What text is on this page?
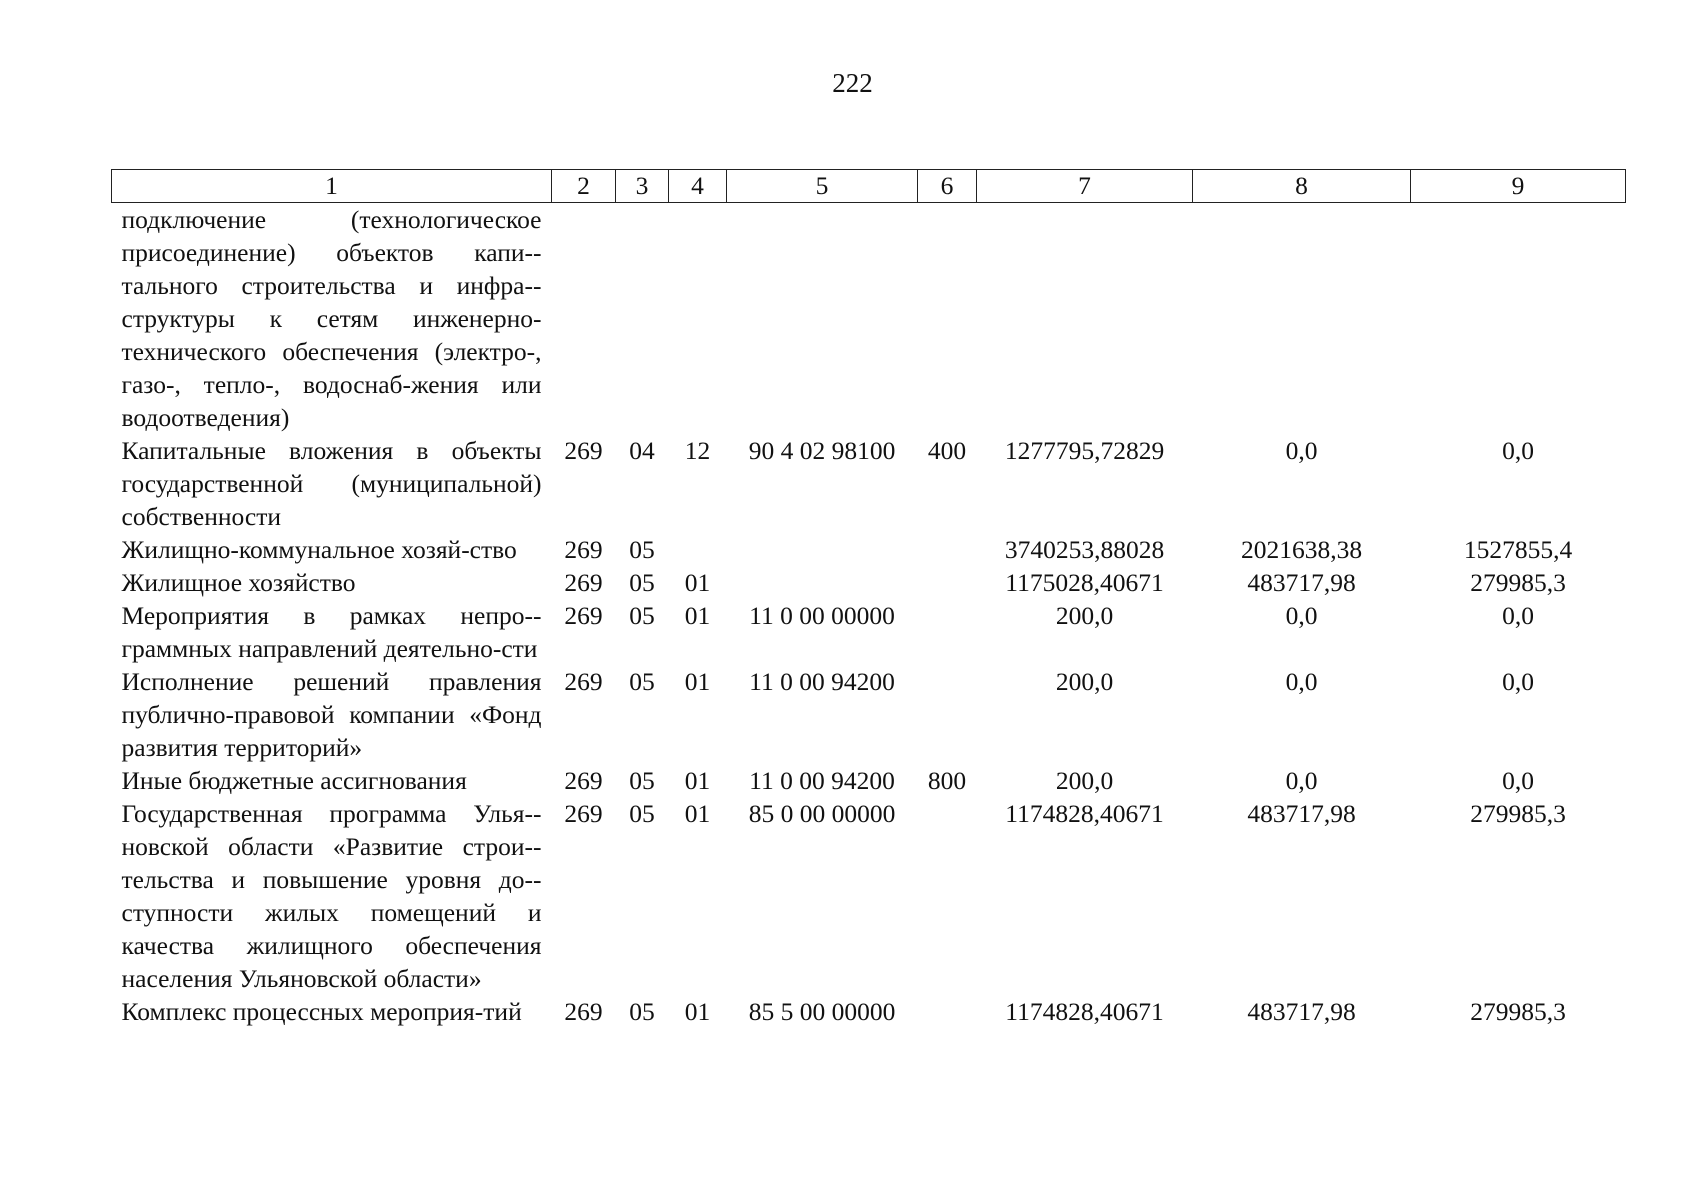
222
1	2	3	4	5	6	7	8	9
подключение (технологическое присоединение) объектов капи-тального строительства и инфра-структуры к сетям инженерно-технического обеспечения (электро-, газо-, тепло-, водоснаб-жения или водоотведения)								
Капитальные вложения в объекты государственной (муниципальной) собственности	269	04	12	90 4 02 98100	400	1277795,72829	0,0	0,0
Жилищно-коммунальное хозяй-ство	269	05				3740253,88028	2021638,38	1527855,4
Жилищное хозяйство	269	05	01			1175028,40671	483717,98	279985,3
Мероприятия в рамках непро-граммных направлений деятельно-сти	269	05	01	11 0 00 00000		200,0	0,0	0,0
Исполнение решений правления публично-правовой компании «Фонд развития территорий»	269	05	01	11 0 00 94200		200,0	0,0	0,0
Иные бюджетные ассигнования	269	05	01	11 0 00 94200	800	200,0	0,0	0,0
Государственная программа Улья-новской области «Развитие строи-тельства и повышение уровня до-ступности жилых помещений и качества жилищного обеспечения населения Ульяновской области»	269	05	01	85 0 00 00000		1174828,40671	483717,98	279985,3
Комплекс процессных мероприя-тий	269	05	01	85 5 00 00000		1174828,40671	483717,98	279985,3
